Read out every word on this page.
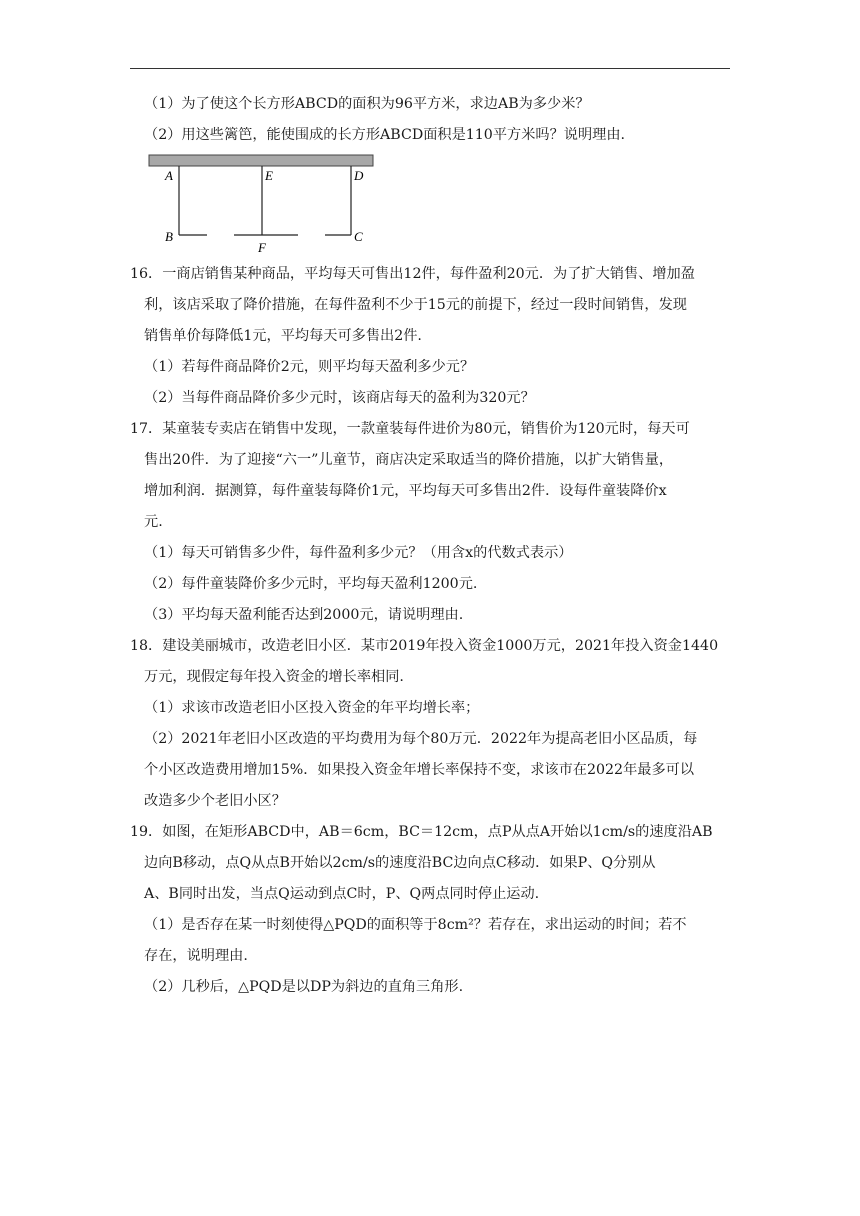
（1）为了使这个长方形ABCD的面积为96平方米，求边AB为多少米？

（2）用这些篱笆，能使围成的长方形ABCD面积是110平方米吗？说明理由.

A	E	D
B
F
C

16．一商店销售某种商品，平均每天可售出12件，每件盈利20元．为了扩大销售、增加盈

利，该店采取了降价措施，在每件盈利不少于15元的前提下，经过一段时间销售，发现

销售单价每降低1元，平均每天可多售出2件.

（1）若每件商品降价2元，则平均每天盈利多少元？

（2）当每件商品降价多少元时，该商店每天的盈利为320元？

17．某童装专卖店在销售中发现，一款童装每件进价为80元，销售价为120元时，每天可

售出20件．为了迎接“六一”儿童节，商店决定采取适当的降价措施，以扩大销售量，

增加利润．据测算，每件童装每降价1元，平均每天可多售出2件．设每件童装降价x

元.

（1）每天可销售多少件，每件盈利多少元？（用含x的代数式表示）

（2）每件童装降价多少元时，平均每天盈利1200元.

（3）平均每天盈利能否达到2000元，请说明理由.

18．建设美丽城市，改造老旧小区．某市2019年投入资金1000万元，2021年投入资金1440

万元，现假定每年投入资金的增长率相同.

（1）求该市改造老旧小区投入资金的年平均增长率；

（2）2021年老旧小区改造的平均费用为每个80万元．2022年为提高老旧小区品质，每

个小区改造费用增加15%．如果投入资金年增长率保持不变，求该市在2022年最多可以

改造多少个老旧小区？

19．如图，在矩形ABCD中，AB＝6cm，BC＝12cm，点P从点A开始以1cm/s的速度沿AB

边向B移动，点Q从点B开始以2cm/s的速度沿BC边向点C移动．如果P、Q分别从

A、B同时出发，当点Q运动到点C时，P、Q两点同时停止运动.

（1）是否存在某一时刻使得△PQD的面积等于8cm²？若存在，求出运动的时间；若不

存在，说明理由.

（2）几秒后，△PQD是以DP为斜边的直角三角形.
